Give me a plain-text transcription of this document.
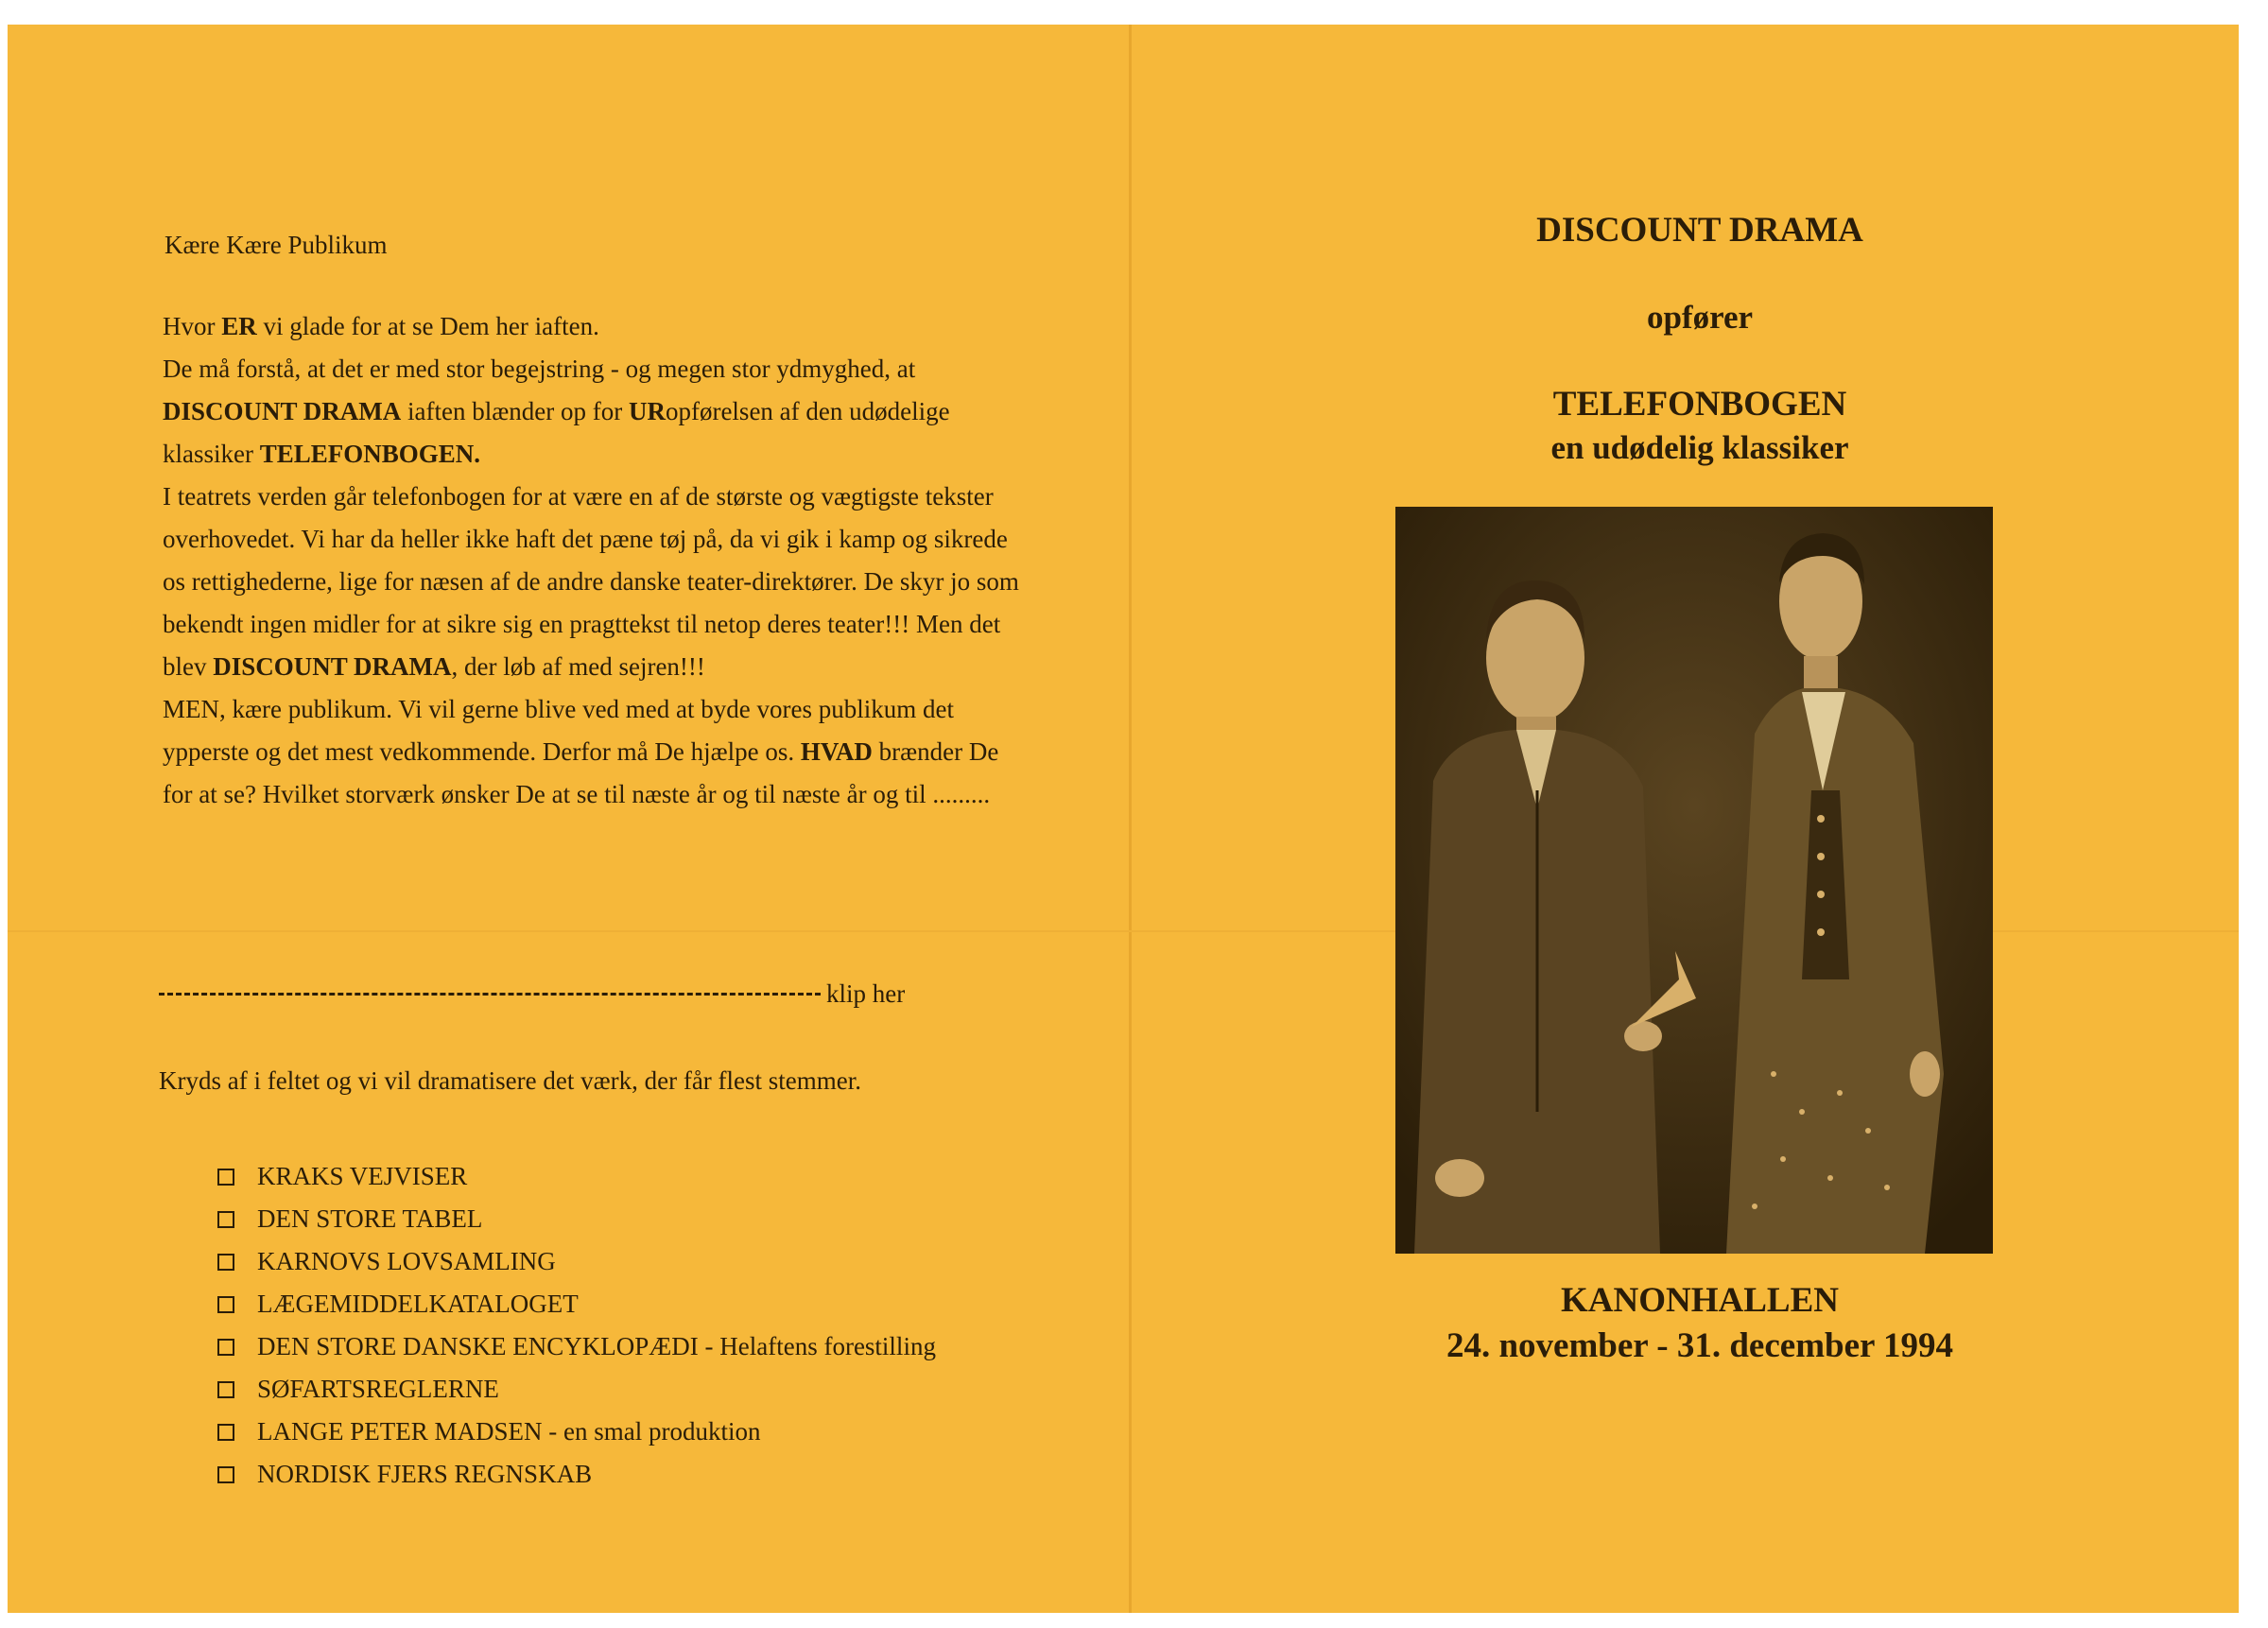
Kære Kære Publikum

Hvor ER vi glade for at se Dem her iaften.

De må forstå, at det er med stor begejstring - og megen stor ydmyghed, at DISCOUNT DRAMA iaften blænder op for URopførelsen af den udødelige klassiker TELEFONBOGEN.

I teatrets verden går telefonbogen for at være en af de største og vægtigste tekster overhovedet. Vi har da heller ikke haft det pæne tøj på, da vi gik i kamp og sikrede os rettighederne, lige for næsen af de andre danske teater-direktører. De skyr jo som bekendt ingen midler for at sikre sig en pragttekst til netop deres teater!!! Men det blev DISCOUNT DRAMA, der løb af med sejren!!!

MEN, kære publikum. Vi vil gerne blive ved med at byde vores publikum det ypperste og det mest vedkommende. Derfor må De hjælpe os. HVAD brænder De for at se? Hvilket storværk ønsker De at se til næste år og til næste år og til .........

klip her
Kryds af i feltet og vi vil dramatisere det værk, der får flest stemmer.
KRAKS VEJVISER
DEN STORE TABEL
KARNOVS LOVSAMLING
LÆGEMIDDELKATALOGET
DEN STORE DANSKE ENCYKLOPÆDI - Helaftens forestilling
SØFARTSREGLERNE
LANGE PETER MADSEN - en smal produktion
NORDISK FJERS REGNSKAB
DISCOUNT DRAMA
opfører
TELEFONBOGEN
en udødelig klassiker
KANONHALLEN
24. november - 31. december 1994
